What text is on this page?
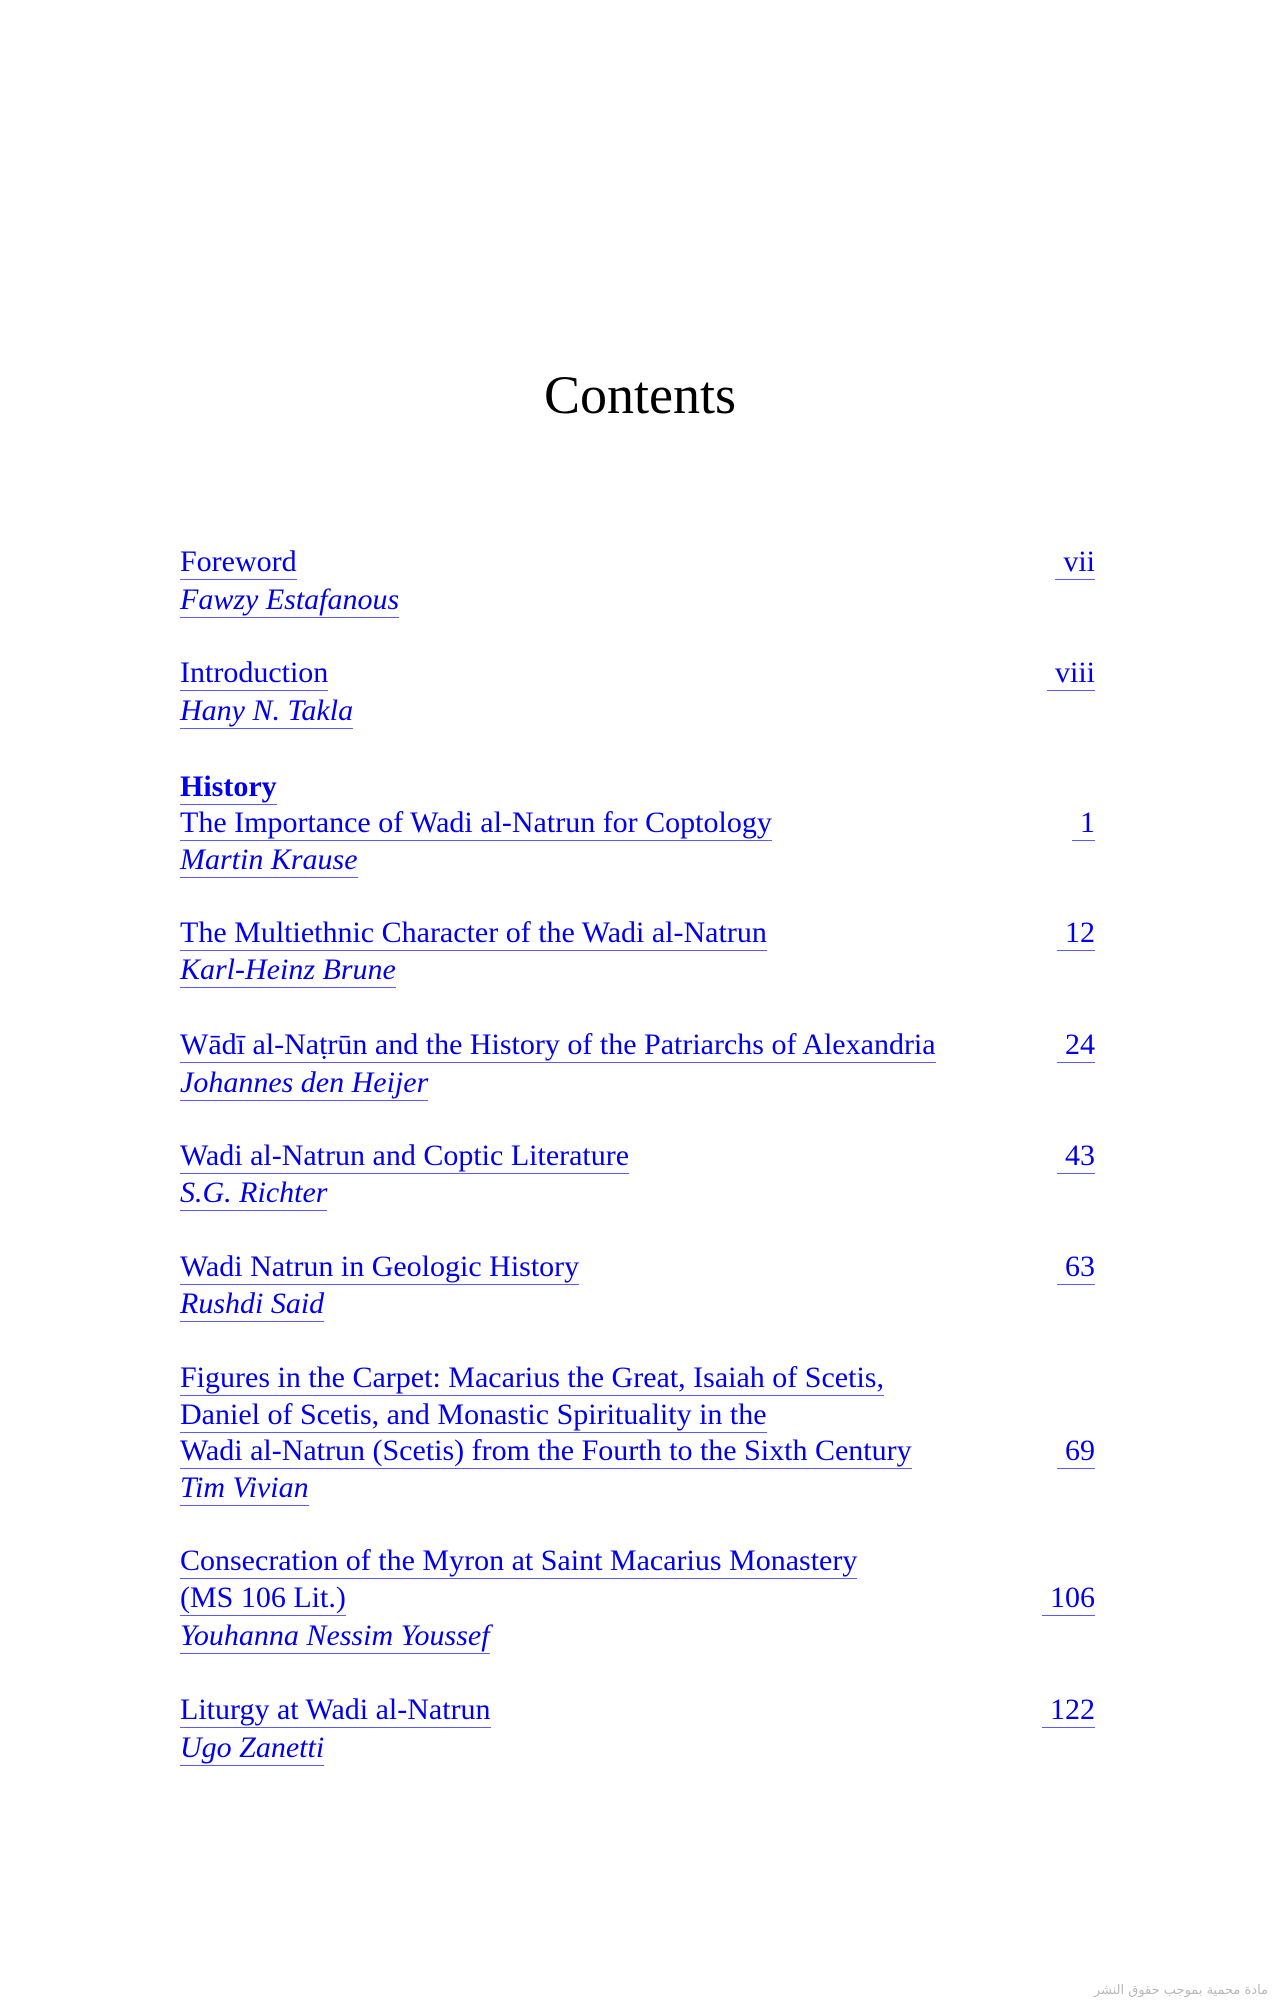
Contents
Foreword	vii
Fawzy Estafanous
Introduction	viii
Hany N. Takla
History
The Importance of Wadi al-Natrun for Coptology	1
Martin Krause
The Multiethnic Character of the Wadi al-Natrun	12
Karl-Heinz Brune
Wādī al-Naṭrūn and the History of the Patriarchs of Alexandria	24
Johannes den Heijer
Wadi al-Natrun and Coptic Literature	43
S.G. Richter
Wadi Natrun in Geologic History	63
Rushdi Said
Figures in the Carpet: Macarius the Great, Isaiah of Scetis,
Daniel of Scetis, and Monastic Spirituality in the
Wadi al-Natrun (Scetis) from the Fourth to the Sixth Century	69
Tim Vivian
Consecration of the Myron at Saint Macarius Monastery
(MS 106 Lit.)	106
Youhanna Nessim Youssef
Liturgy at Wadi al-Natrun	122
Ugo Zanetti
مادة محمية بموجب حقوق النشر
